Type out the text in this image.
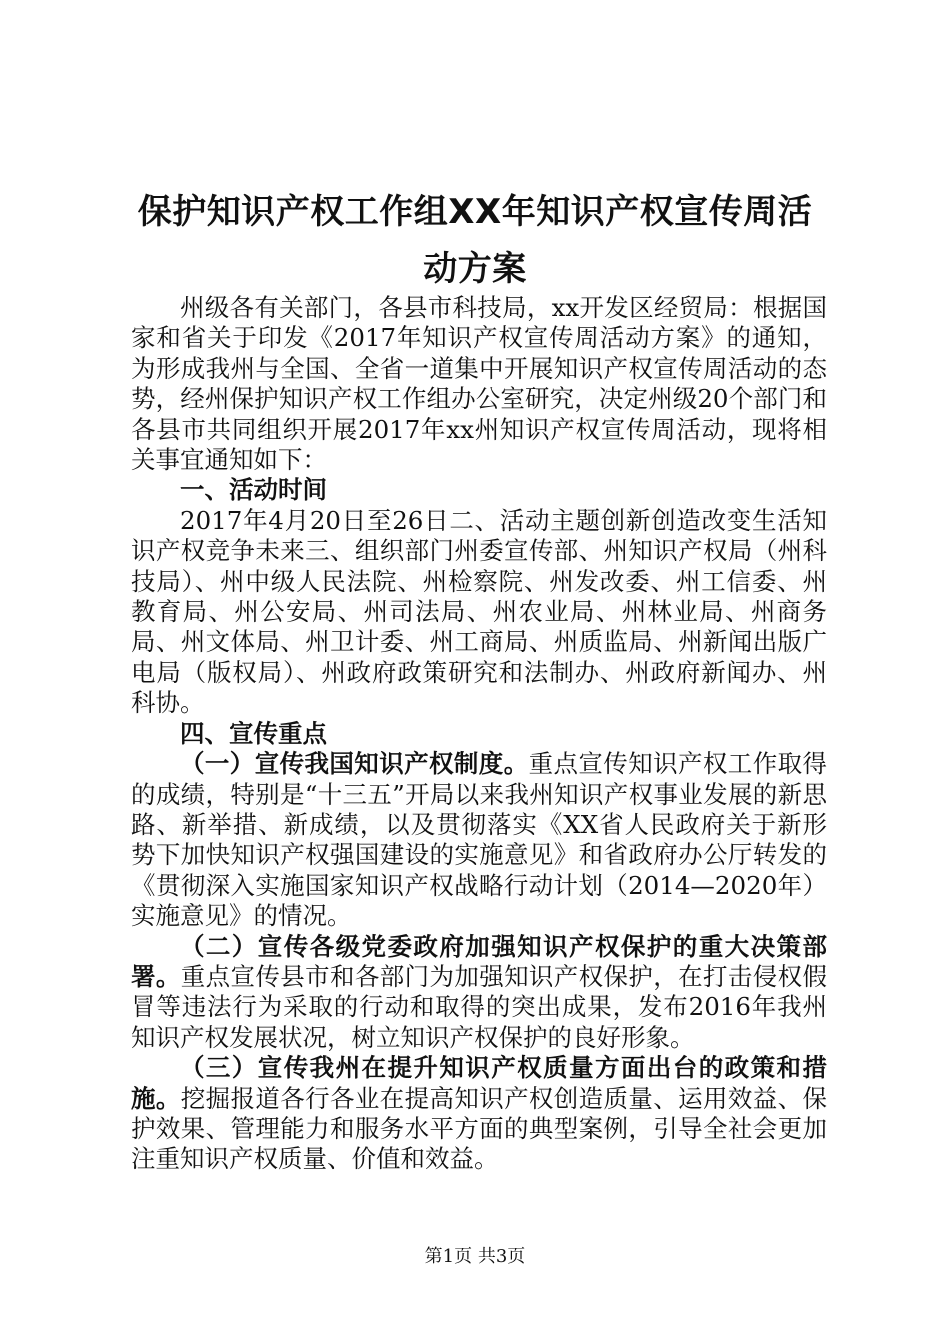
保护知识产权工作组XX年知识产权宣传周活
动方案

州级各有关部门，各县市科技局，xx开发区经贸局：根据国家和省关于印发《2017年知识产权宣传周活动方案》的通知，为形成我州与全国、全省一道集中开展知识产权宣传周活动的态势，经州保护知识产权工作组办公室研究，决定州级20个部门和各县市共同组织开展2017年xx州知识产权宣传周活动，现将相关事宜通知如下：

一、活动时间

2017年4月20日至26日二、活动主题创新创造改变生活知识产权竞争未来三、组织部门州委宣传部、州知识产权局（州科技局）、州中级人民法院、州检察院、州发改委、州工信委、州教育局、州公安局、州司法局、州农业局、州林业局、州商务局、州文体局、州卫计委、州工商局、州质监局、州新闻出版广电局（版权局）、州政府政策研究和法制办、州政府新闻办、州科协。

四、宣传重点

（一）宣传我国知识产权制度。重点宣传知识产权工作取得的成绩，特别是“十三五”开局以来我州知识产权事业发展的新思路、新举措、新成绩，以及贯彻落实《XX省人民政府关于新形势下加快知识产权强国建设的实施意见》和省政府办公厅转发的《贯彻深入实施国家知识产权战略行动计划（2014—2020年）实施意见》的情况。

（二）宣传各级党委政府加强知识产权保护的重大决策部署。重点宣传县市和各部门为加强知识产权保护，在打击侵权假冒等违法行为采取的行动和取得的突出成果，发布2016年我州知识产权发展状况，树立知识产权保护的良好形象。

（三）宣传我州在提升知识产权质量方面出台的政策和措施。挖掘报道各行各业在提高知识产权创造质量、运用效益、保护效果、管理能力和服务水平方面的典型案例，引导全社会更加注重知识产权质量、价值和效益。

第1页 共3页
